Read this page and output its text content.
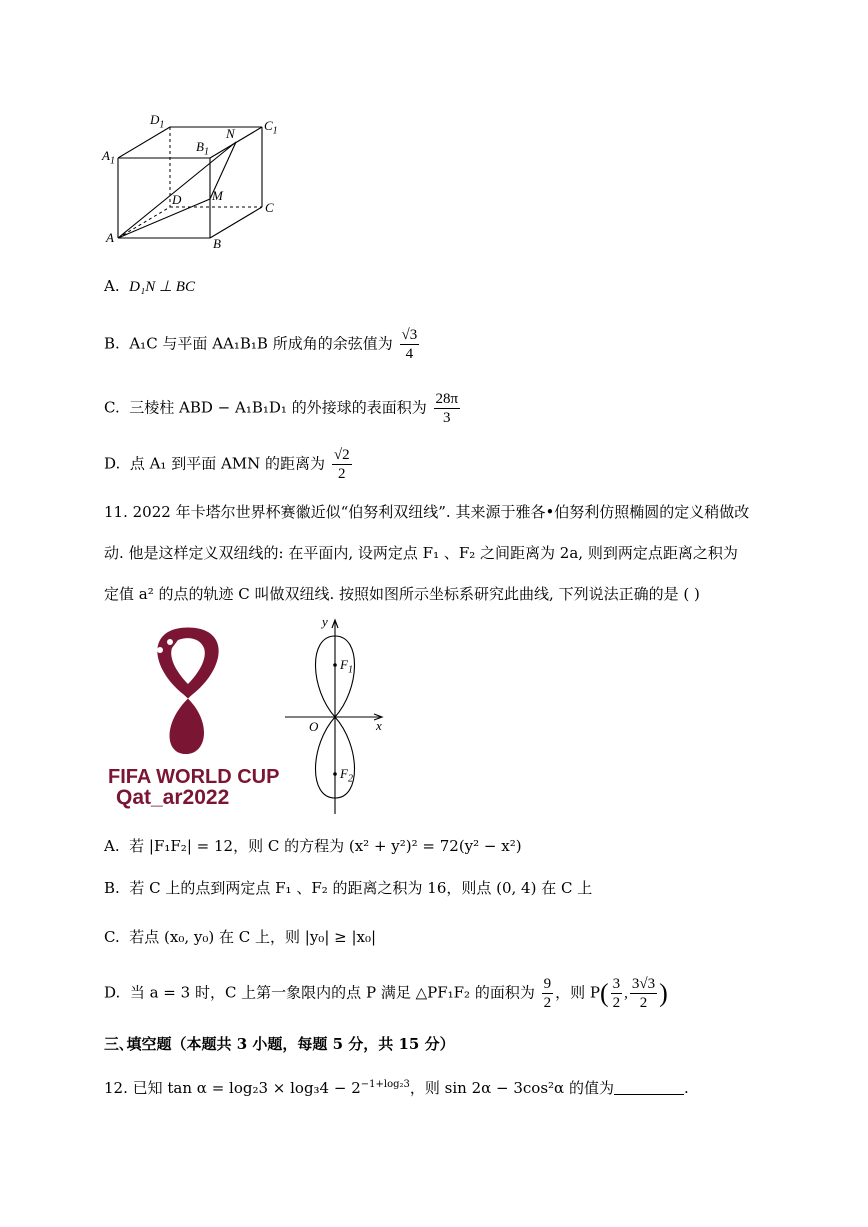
$D_1$	$C_1$
$A_1$
$B_1$
N
D M
C
A	B
A. D₁N ⊥ BC
B. A₁C 与平面 AA₁B₁B 所成角的余弦值为 $\frac{√3}{4}$
C. 三棱柱 ABD − A₁B₁D₁ 的外接球的表面积为 $\frac{28\pi}{3}$
D. 点 A₁ 到平面 AMN 的距离为 $\frac{√2}{2}$
11. 2022 年卡塔尔世界杯赛徽近似“伯努利双纽线”. 其来源于雅各•伯努利仿照椭圆的定义稍做改
动. 他是这样定义双纽线的: 在平面内, 设两定点 F₁ 、F₂ 之间距离为 2a, 则到两定点距离之积为
定值 a² 的点的轨迹 C 叫做双纽线. 按照如图所示坐标系研究此曲线, 下列说法正确的是 ( )
FIFA WORLD CUP
Qat_ar2022
y
x
O
$F_1$
$F_2$
A. 若 |F₁F₂| = 12，则 C 的方程为 (x² + y²)² = 72(y² − x²)
B. 若 C 上的点到两定点 F₁ 、F₂ 的距离之积为 16，则点 (0, 4) 在 C 上
C. 若点 (x₀, y₀) 在 C 上，则 |y₀| ≥ |x₀|
D. 当 a = 3 时，C 上第一象限内的点 P 满足 △PF₁F₂ 的面积为 $\frac{9}{2}$ ，则 $P( \frac{3}{2}$ , $\frac{3√3}{2}$ )
三､填空题（本题共 3 小题，每题 5 分，共 15 分）
12. 已知 $\tan \alpha = \log_23 \times \log_34 - 2^{-1+log_23}$，则 sin 2α − 3cos²α 的值为	.
